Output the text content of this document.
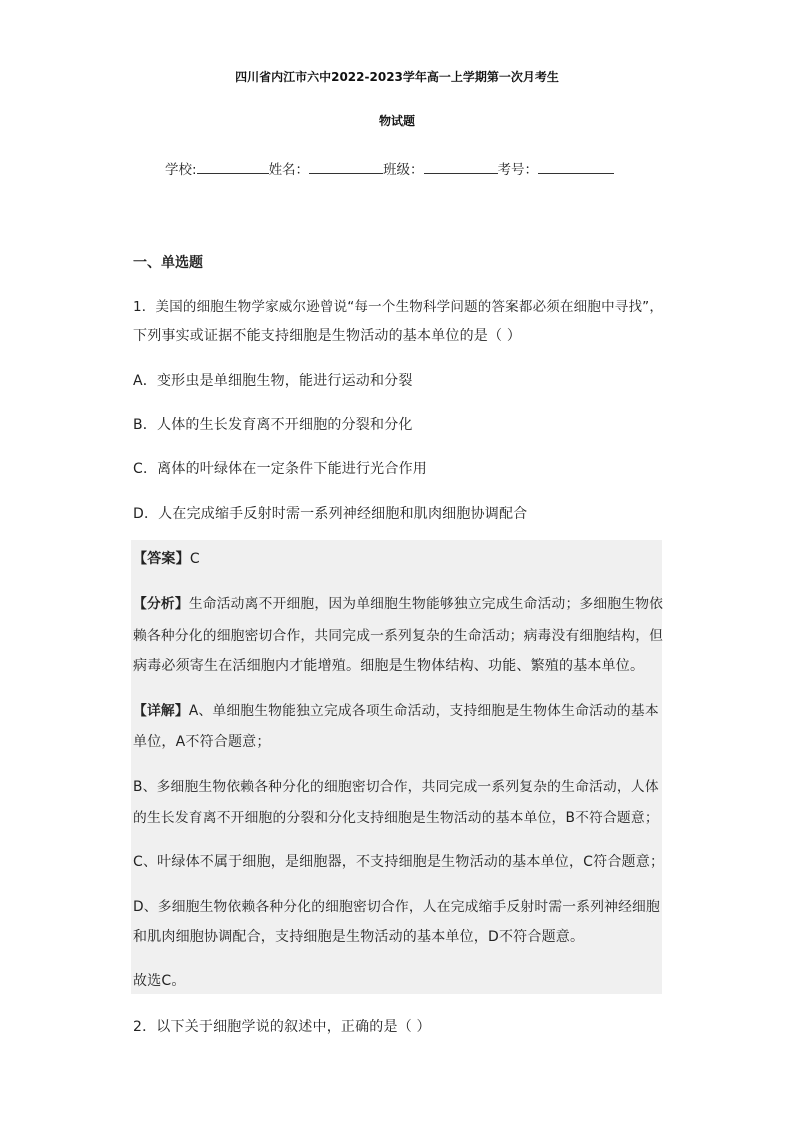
四川省内江市六中2022-2023学年高一上学期第一次月考生
物试题
学校:	姓名：	班级：	考号：
一、单选题
1．美国的细胞生物学家威尔逊曾说“每一个生物科学问题的答案都必须在细胞中寻找”，
下列事实或证据不能支持细胞是生物活动的基本单位的是（ ）
A．变形虫是单细胞生物，能进行运动和分裂
B．人体的生长发育离不开细胞的分裂和分化
C．离体的叶绿体在一定条件下能进行光合作用
D．人在完成缩手反射时需一系列神经细胞和肌肉细胞协调配合
【答案】C
【分析】生命活动离不开细胞，因为单细胞生物能够独立完成生命活动；多细胞生物依
赖各种分化的细胞密切合作，共同完成一系列复杂的生命活动；病毒没有细胞结构，但
病毒必须寄生在活细胞内才能增殖。细胞是生物体结构、功能、繁殖的基本单位。
【详解】A、单细胞生物能独立完成各项生命活动，支持细胞是生物体生命活动的基本
单位，A不符合题意；
B、多细胞生物依赖各种分化的细胞密切合作，共同完成一系列复杂的生命活动，人体
的生长发育离不开细胞的分裂和分化支持细胞是生物活动的基本单位，B不符合题意；
C、叶绿体不属于细胞，是细胞器，不支持细胞是生物活动的基本单位，C符合题意；
D、多细胞生物依赖各种分化的细胞密切合作，人在完成缩手反射时需一系列神经细胞
和肌肉细胞协调配合，支持细胞是生物活动的基本单位，D不符合题意。
故选C。
2．以下关于细胞学说的叙述中，正确的是（ ）
